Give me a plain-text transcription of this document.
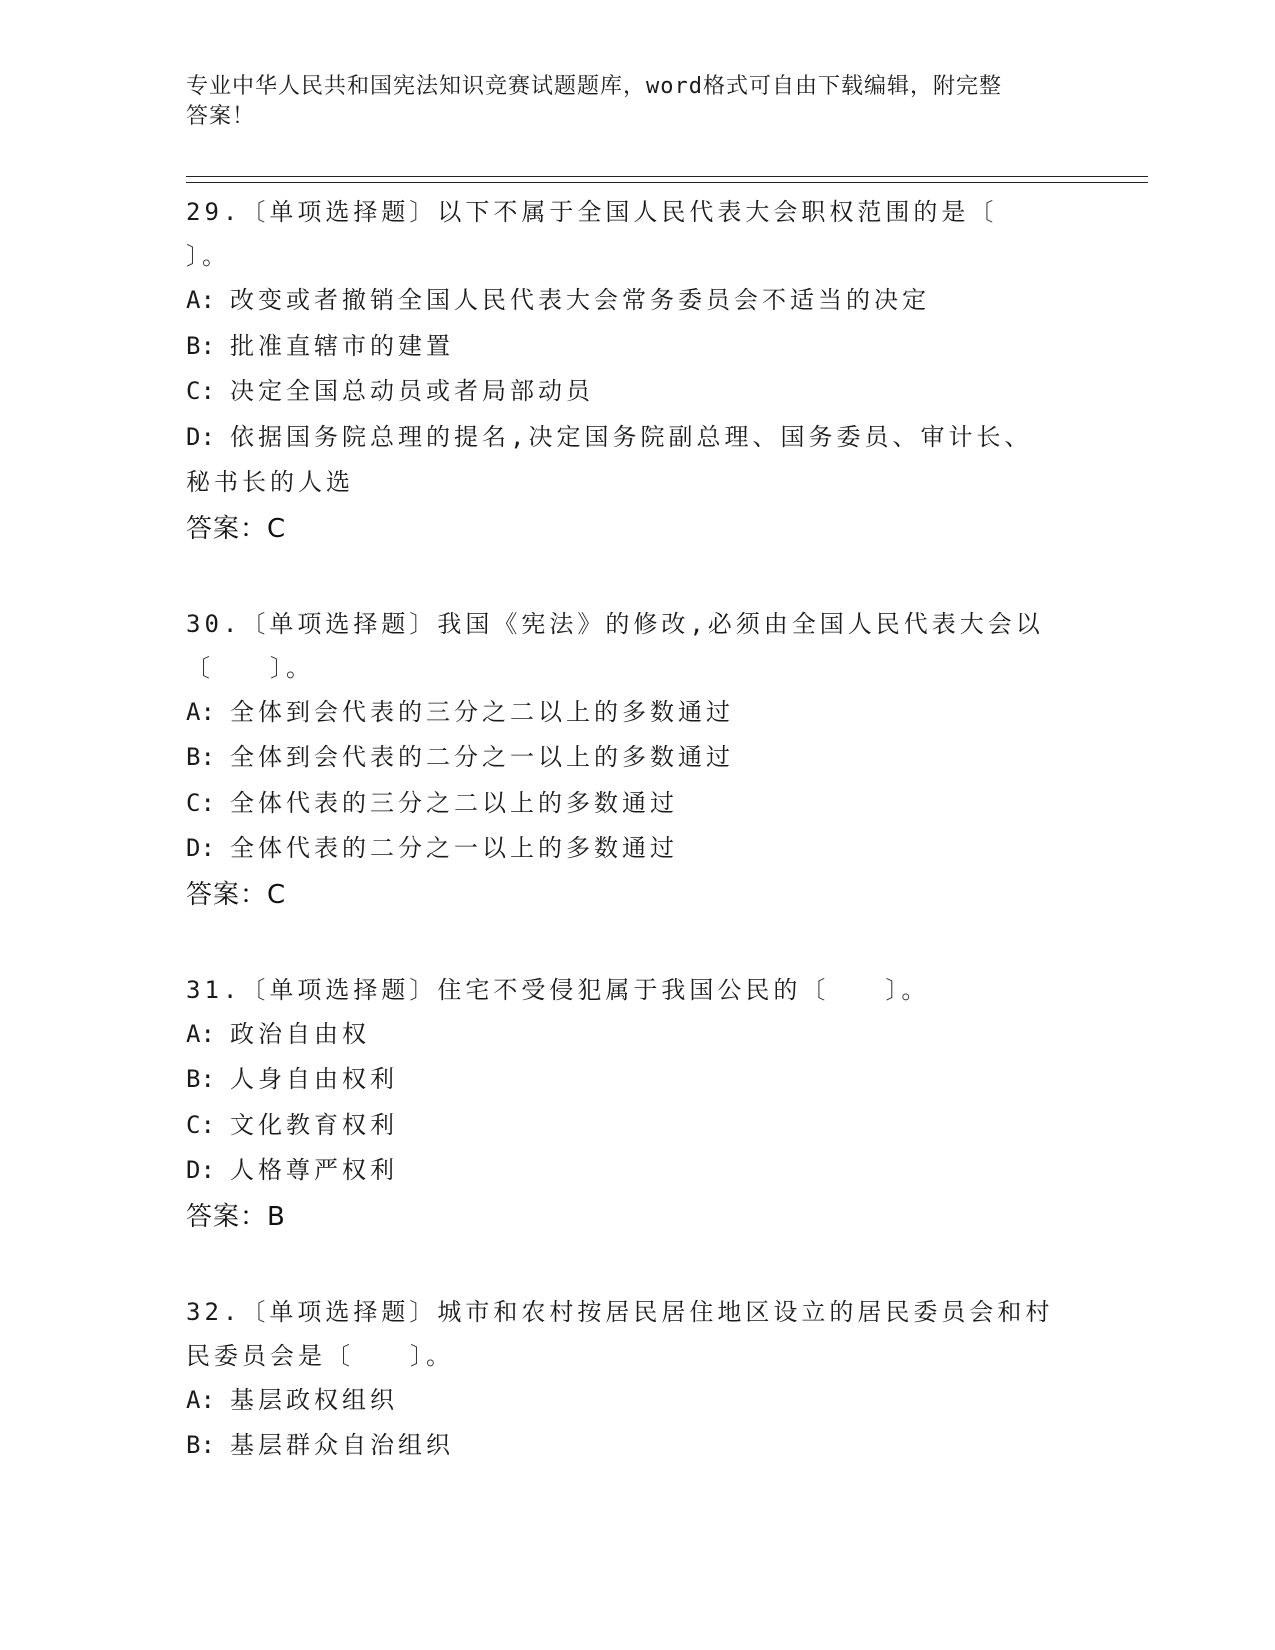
专业中华人民共和国宪法知识竞赛试题题库，word格式可自由下载编辑，附完整
答案！

29.〔单项选择题〕以下不属于全国人民代表大会职权范围的是〔

〕。

A: 改变或者撤销全国人民代表大会常务委员会不适当的决定

B: 批准直辖市的建置

C: 决定全国总动员或者局部动员

D: 依据国务院总理的提名,决定国务院副总理、国务委员、审计长、

秘书长的人选

答案：C

30.〔单项选择题〕我国《宪法》的修改,必须由全国人民代表大会以

〔　　〕。

A: 全体到会代表的三分之二以上的多数通过

B: 全体到会代表的二分之一以上的多数通过

C: 全体代表的三分之二以上的多数通过

D: 全体代表的二分之一以上的多数通过

答案：C

31.〔单项选择题〕住宅不受侵犯属于我国公民的〔　　〕。

A: 政治自由权

B: 人身自由权利

C: 文化教育权利

D: 人格尊严权利

答案：B

32.〔单项选择题〕城市和农村按居民居住地区设立的居民委员会和村

民委员会是〔　　〕。

A: 基层政权组织

B: 基层群众自治组织
